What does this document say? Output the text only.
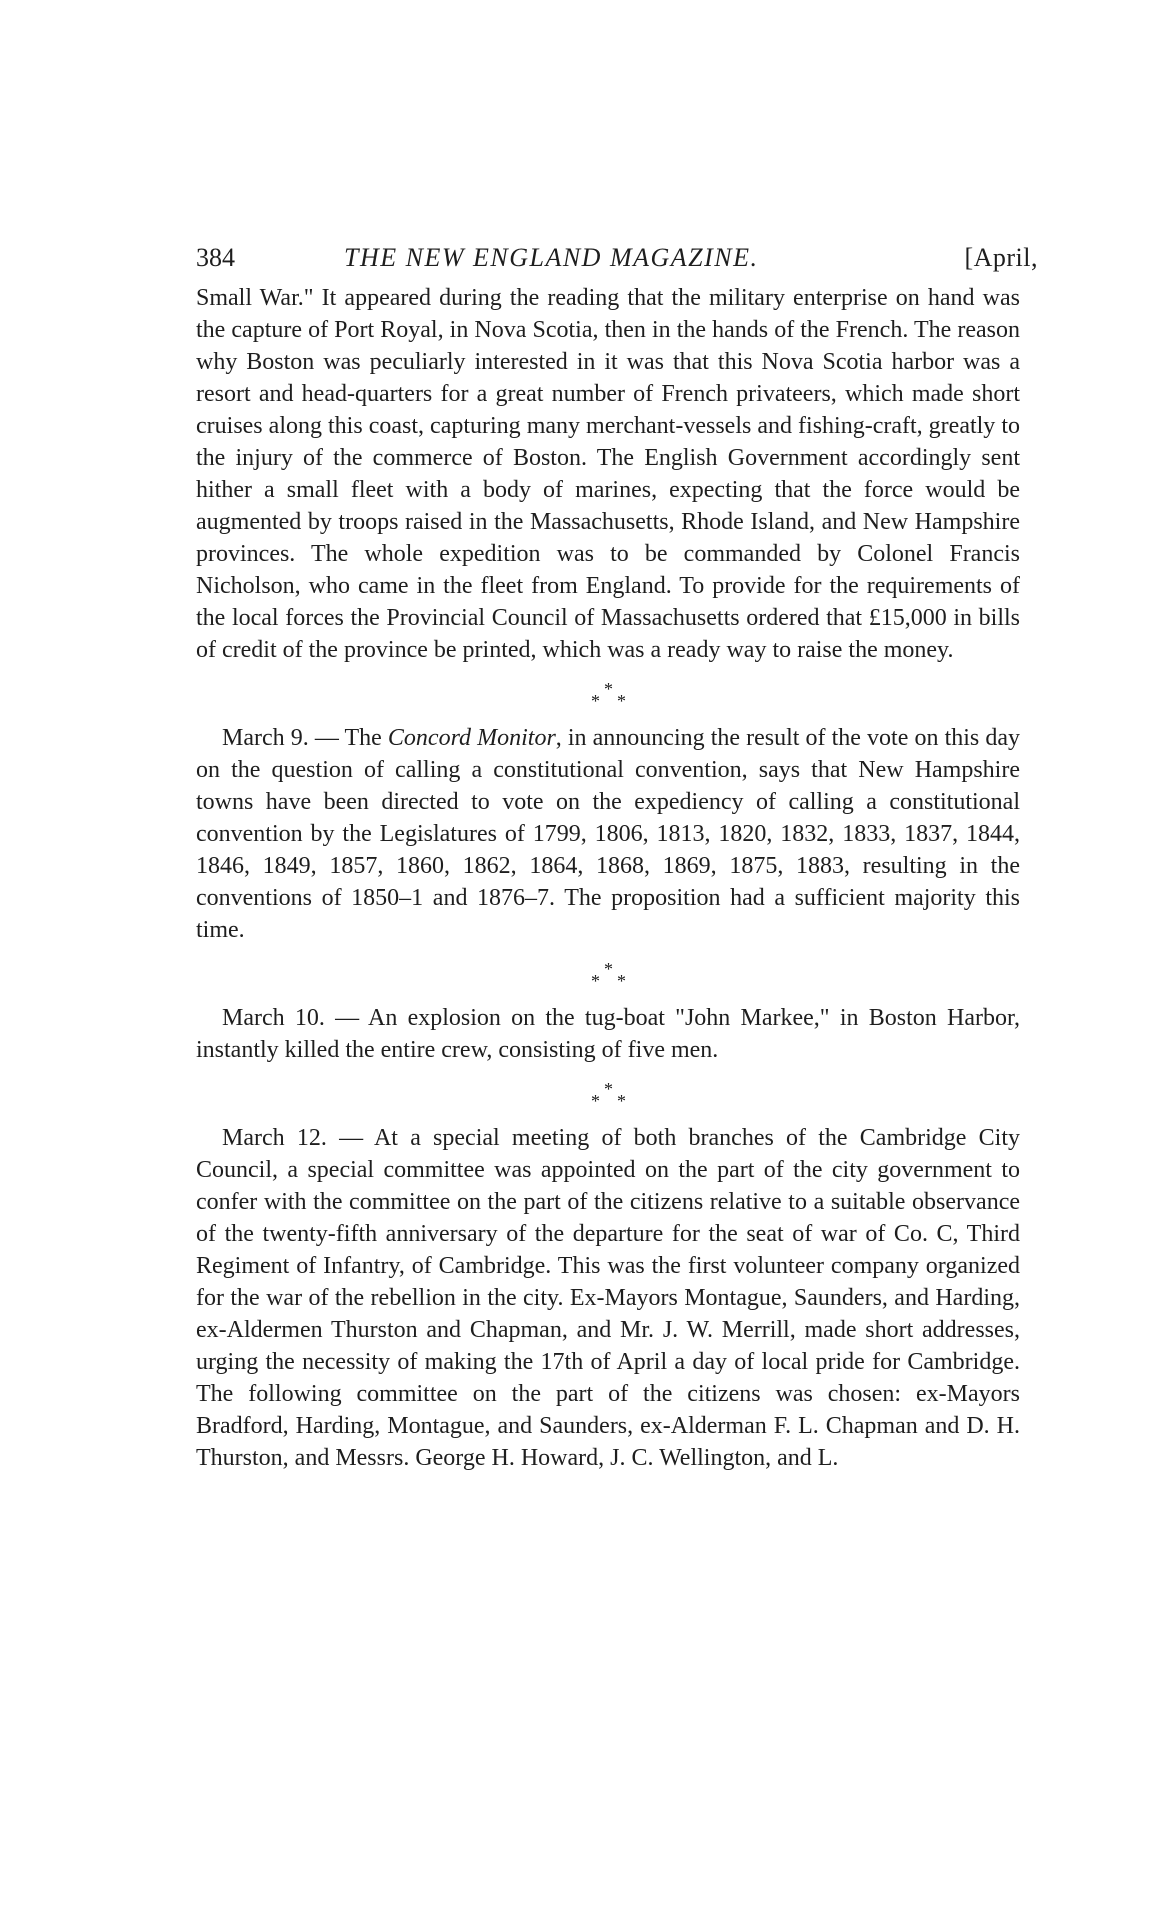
384	THE NEW ENGLAND MAGAZINE.	[April,

Small War." It appeared during the reading that the military enterprise on hand was the capture of Port Royal, in Nova Scotia, then in the hands of the French. The reason why Boston was peculiarly interested in it was that this Nova Scotia harbor was a resort and head-quarters for a great number of French privateers, which made short cruises along this coast, capturing many merchant-vessels and fishing-craft, greatly to the injury of the commerce of Boston. The English Government accordingly sent hither a small fleet with a body of marines, expecting that the force would be augmented by troops raised in the Massachusetts, Rhode Island, and New Hampshire provinces. The whole expedition was to be commanded by Colonel Francis Nicholson, who came in the fleet from England. To provide for the requirements of the local forces the Provincial Council of Massachusetts ordered that £15,000 in bills of credit of the province be printed, which was a ready way to raise the money.

*
* *

March 9. — The Concord Monitor, in announcing the result of the vote on this day on the question of calling a constitutional convention, says that New Hampshire towns have been directed to vote on the expediency of calling a constitutional convention by the Legislatures of 1799, 1806, 1813, 1820, 1832, 1833, 1837, 1844, 1846, 1849, 1857, 1860, 1862, 1864, 1868, 1869, 1875, 1883, resulting in the conventions of 1850–1 and 1876–7. The proposition had a sufficient majority this time.

*
* *

March 10. — An explosion on the tug-boat "John Markee," in Boston Harbor, instantly killed the entire crew, consisting of five men.

*
* *

March 12. — At a special meeting of both branches of the Cambridge City Council, a special committee was appointed on the part of the city government to confer with the committee on the part of the citizens relative to a suitable observance of the twenty-fifth anniversary of the departure for the seat of war of Co. C, Third Regiment of Infantry, of Cambridge. This was the first volunteer company organized for the war of the rebellion in the city. Ex-Mayors Montague, Saunders, and Harding, ex-Aldermen Thurston and Chapman, and Mr. J. W. Merrill, made short addresses, urging the necessity of making the 17th of April a day of local pride for Cambridge. The following committee on the part of the citizens was chosen: ex-Mayors Bradford, Harding, Montague, and Saunders, ex-Alderman F. L. Chapman and D. H. Thurston, and Messrs. George H. Howard, J. C. Wellington, and L.
